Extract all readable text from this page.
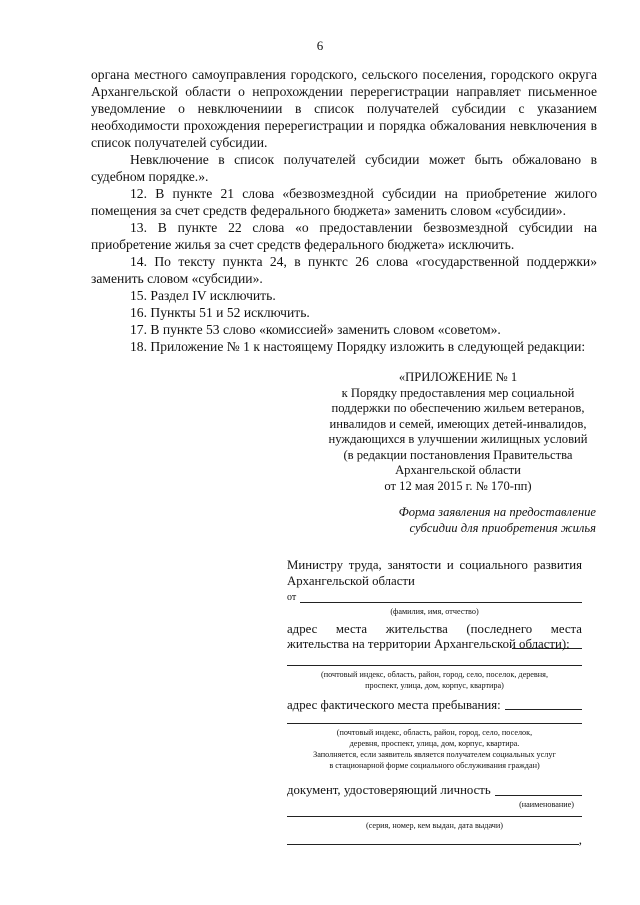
6

органа местного самоуправления городского, сельского поселения, городского округа Архангельской области о непрохождении перерегистрации направляет письменное уведомление о невключениии в список получателей субсидии с указанием необходимости прохождения перерегистрации и порядка обжалования невключения в список получателей субсидии.

Невключение в список получателей субсидии может быть обжаловано в судебном порядке.».

12. В пункте 21 слова «безвозмездной субсидии на приобретение жилого помещения за счет средств федерального бюджета» заменить словом «субсидии».

13. В пункте 22 слова «о предоставлении безвозмездной субсидии на приобретение жилья за счет средств федерального бюджета» исключить.

14. По тексту пункта 24, в пунктс 26 слова «государственной поддержки» заменить словом «субсидии».

15. Раздел IV исключить.

16. Пункты 51 и 52 исключить.

17. В пункте 53 слово «комиссией» заменить словом «советом».

18. Приложение № 1 к настоящему Порядку изложить в следующей редакции:

«ПРИЛОЖЕНИЕ № 1
к Порядку предоставления мер социальной
поддержки по обеспечению жильем ветеранов,
инвалидов и семей, имеющих детей-инвалидов,
нуждающихся в улучшении жилищных условий
(в редакции постановления Правительства
Архангельской области
от 12 мая 2015 г. № 170-пп)
Форма заявления на предоставление
субсидии для приобретения жилья
Министру труда, занятости и социального развития Архангельской области
от
(фамилия, имя, отчество)
адрес места жительства (последнего места жительства на территории Архангельской области):
(почтовый индекс, область, район, город, село, поселок, деревня,
проспект, улица, дом, корпус, квартира)
адрес фактического места пребывания:
(почтовый индекс, область, район, город, село, поселок,
деревня, проспект, улица, дом, корпус, квартира.
Заполняется, если заявитель является получателем социальных услуг
в стационарной форме социального обслуживания граждан)
документ, удостоверяющий личность
(наименование)
(серия, номер, кем выдан, дата выдачи)
,
